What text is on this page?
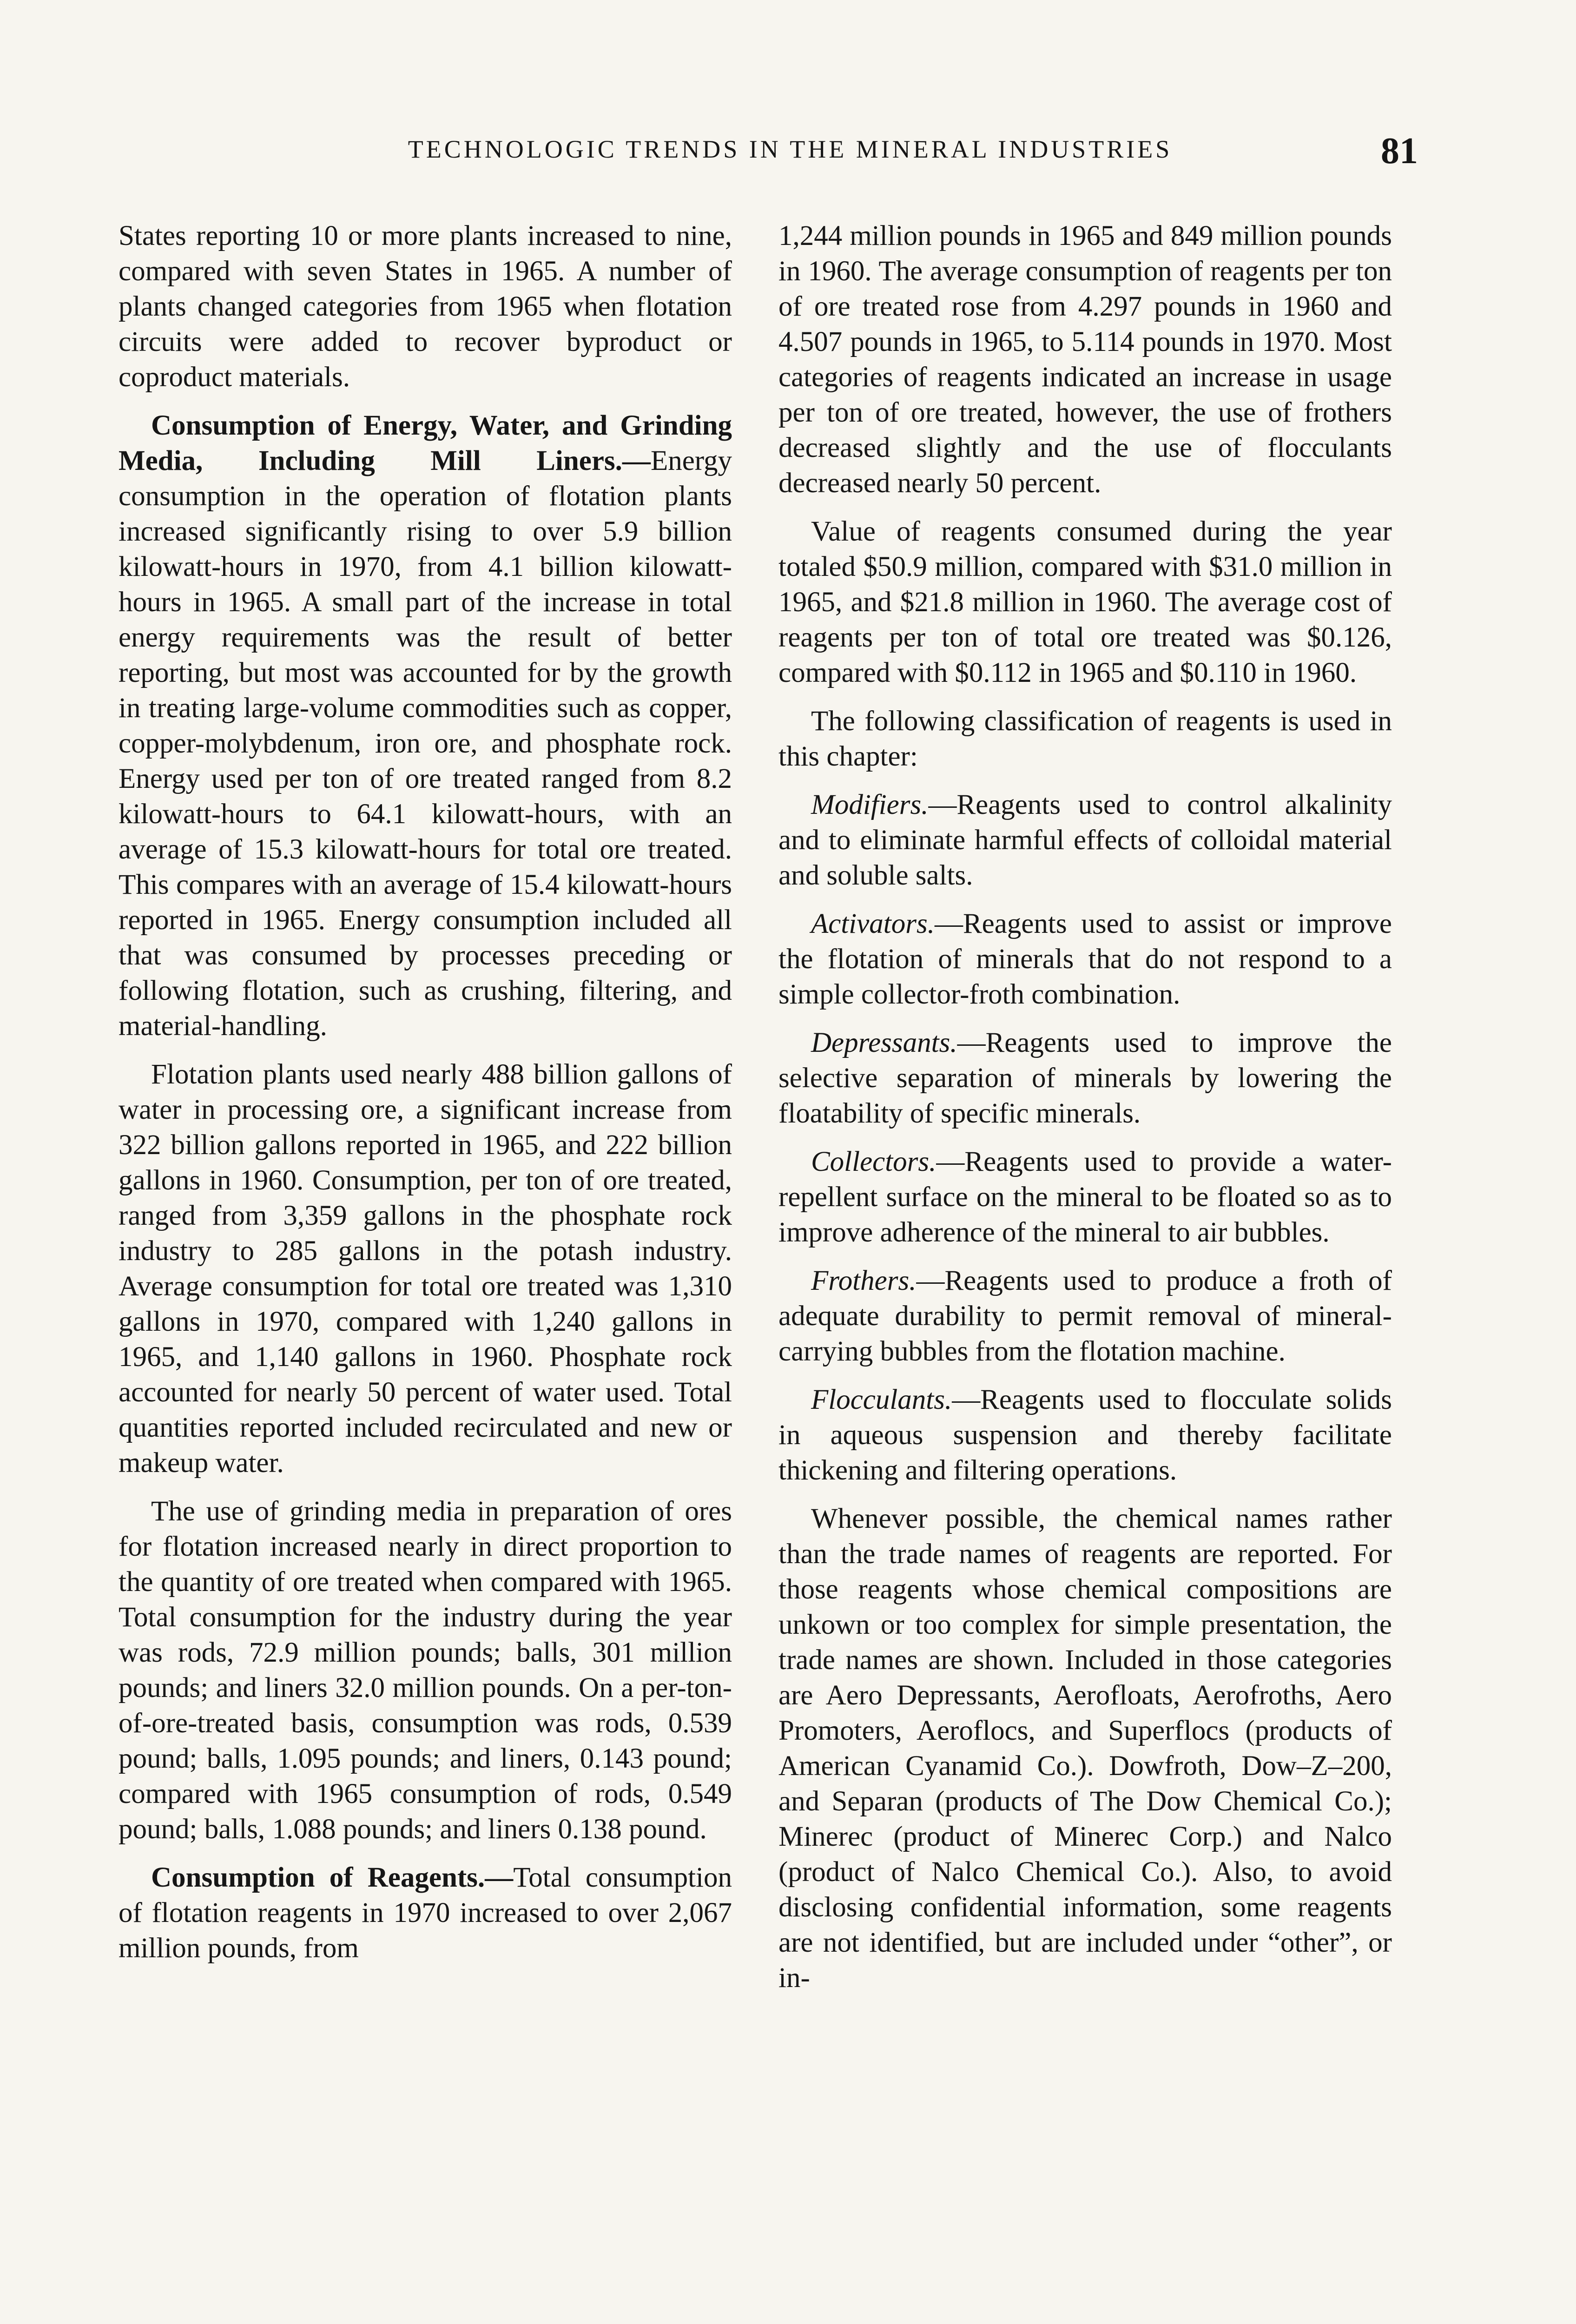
TECHNOLOGIC TRENDS IN THE MINERAL INDUSTRIES	81

States reporting 10 or more plants increased to nine, compared with seven States in 1965. A number of plants changed categories from 1965 when flotation circuits were added to recover byproduct or coproduct materials.

Consumption of Energy, Water, and Grinding Media, Including Mill Liners.—Energy consumption in the operation of flotation plants increased significantly rising to over 5.9 billion kilowatt-hours in 1970, from 4.1 billion kilowatt-hours in 1965. A small part of the increase in total energy requirements was the result of better reporting, but most was accounted for by the growth in treating large-volume commodities such as copper, copper-molybdenum, iron ore, and phosphate rock. Energy used per ton of ore treated ranged from 8.2 kilowatt-hours to 64.1 kilowatt-hours, with an average of 15.3 kilowatt-hours for total ore treated. This compares with an average of 15.4 kilowatt-hours reported in 1965. Energy consumption included all that was consumed by processes preceding or following flotation, such as crushing, filtering, and material-handling.

Flotation plants used nearly 488 billion gallons of water in processing ore, a significant increase from 322 billion gallons reported in 1965, and 222 billion gallons in 1960. Consumption, per ton of ore treated, ranged from 3,359 gallons in the phosphate rock industry to 285 gallons in the potash industry. Average consumption for total ore treated was 1,310 gallons in 1970, compared with 1,240 gallons in 1965, and 1,140 gallons in 1960. Phosphate rock accounted for nearly 50 percent of water used. Total quantities reported included recirculated and new or makeup water.

The use of grinding media in preparation of ores for flotation increased nearly in direct proportion to the quantity of ore treated when compared with 1965. Total consumption for the industry during the year was rods, 72.9 million pounds; balls, 301 million pounds; and liners 32.0 million pounds. On a per-ton-of-ore-treated basis, consumption was rods, 0.539 pound; balls, 1.095 pounds; and liners, 0.143 pound; compared with 1965 consumption of rods, 0.549 pound; balls, 1.088 pounds; and liners 0.138 pound.

Consumption of Reagents.—Total consumption of flotation reagents in 1970 increased to over 2,067 million pounds, from

1,244 million pounds in 1965 and 849 million pounds in 1960. The average consumption of reagents per ton of ore treated rose from 4.297 pounds in 1960 and 4.507 pounds in 1965, to 5.114 pounds in 1970. Most categories of reagents indicated an increase in usage per ton of ore treated, however, the use of frothers decreased slightly and the use of flocculants decreased nearly 50 percent.

Value of reagents consumed during the year totaled $50.9 million, compared with $31.0 million in 1965, and $21.8 million in 1960. The average cost of reagents per ton of total ore treated was $0.126, compared with $0.112 in 1965 and $0.110 in 1960.

The following classification of reagents is used in this chapter:

Modifiers.—Reagents used to control alkalinity and to eliminate harmful effects of colloidal material and soluble salts.

Activators.—Reagents used to assist or improve the flotation of minerals that do not respond to a simple collector-froth combination.

Depressants.—Reagents used to improve the selective separation of minerals by lowering the floatability of specific minerals.

Collectors.—Reagents used to provide a water-repellent surface on the mineral to be floated so as to improve adherence of the mineral to air bubbles.

Frothers.—Reagents used to produce a froth of adequate durability to permit removal of mineral-carrying bubbles from the flotation machine.

Flocculants.—Reagents used to flocculate solids in aqueous suspension and thereby facilitate thickening and filtering operations.

Whenever possible, the chemical names rather than the trade names of reagents are reported. For those reagents whose chemical compositions are unkown or too complex for simple presentation, the trade names are shown. Included in those categories are Aero Depressants, Aerofloats, Aerofroths, Aero Promoters, Aeroflocs, and Superflocs (products of American Cyanamid Co.). Dowfroth, Dow–Z–200, and Separan (products of The Dow Chemical Co.); Minerec (product of Minerec Corp.) and Nalco (product of Nalco Chemical Co.). Also, to avoid disclosing confidential information, some reagents are not identified, but are included under “other”, or in-
